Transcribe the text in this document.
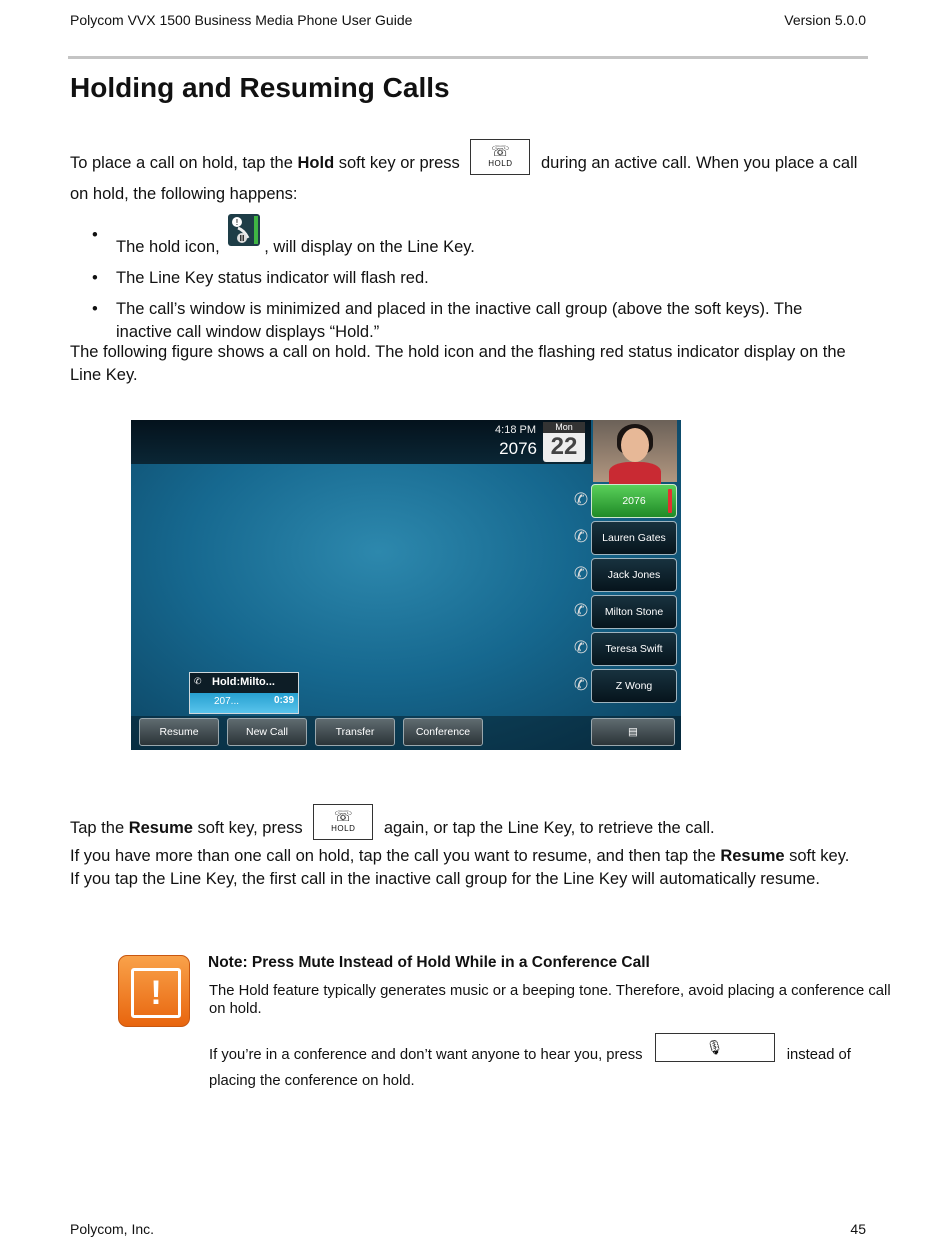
Polycom VVX 1500 Business Media Phone User Guide	Version 5.0.0
Holding and Resuming Calls

To place a call on hold, tap the Hold soft key or press
☏
HOLD	during an active call. When you place a call on hold, the following happens:

• The hold icon,
!
, will display on the Line Key.
• The Line Key status indicator will flash red.
• The call’s window is minimized and placed in the inactive call group (above the soft keys). The inactive call window displays “Hold.”

The following figure shows a call on hold. The hold icon and the flashing red status indicator display on the Line Key.

4:18 PM
2076
Mon
22
✆	2076
✆	Lauren Gates
✆	Jack Jones
✆	Milton Stone
✆	Teresa Swift
✆	Z Wong
✆ Hold:Milto...
207...	0:39
Resume	New Call	Transfer	Conference	▤

Tap the Resume soft key, press
☏
HOLD	again, or tap the Line Key, to retrieve the call.

If you have more than one call on hold, tap the call you want to resume, and then tap the Resume soft key. If you tap the Line Key, the first call in the inactive call group for the Line Key will automatically resume.

!
Note: Press Mute Instead of Hold While in a Conference Call

The Hold feature typically generates music or a beeping tone. Therefore, avoid placing a conference call on hold.

If you’re in a conference and don’t want anyone to hear you, press	🎙	instead of placing the conference on hold.

Polycom, Inc.	45
